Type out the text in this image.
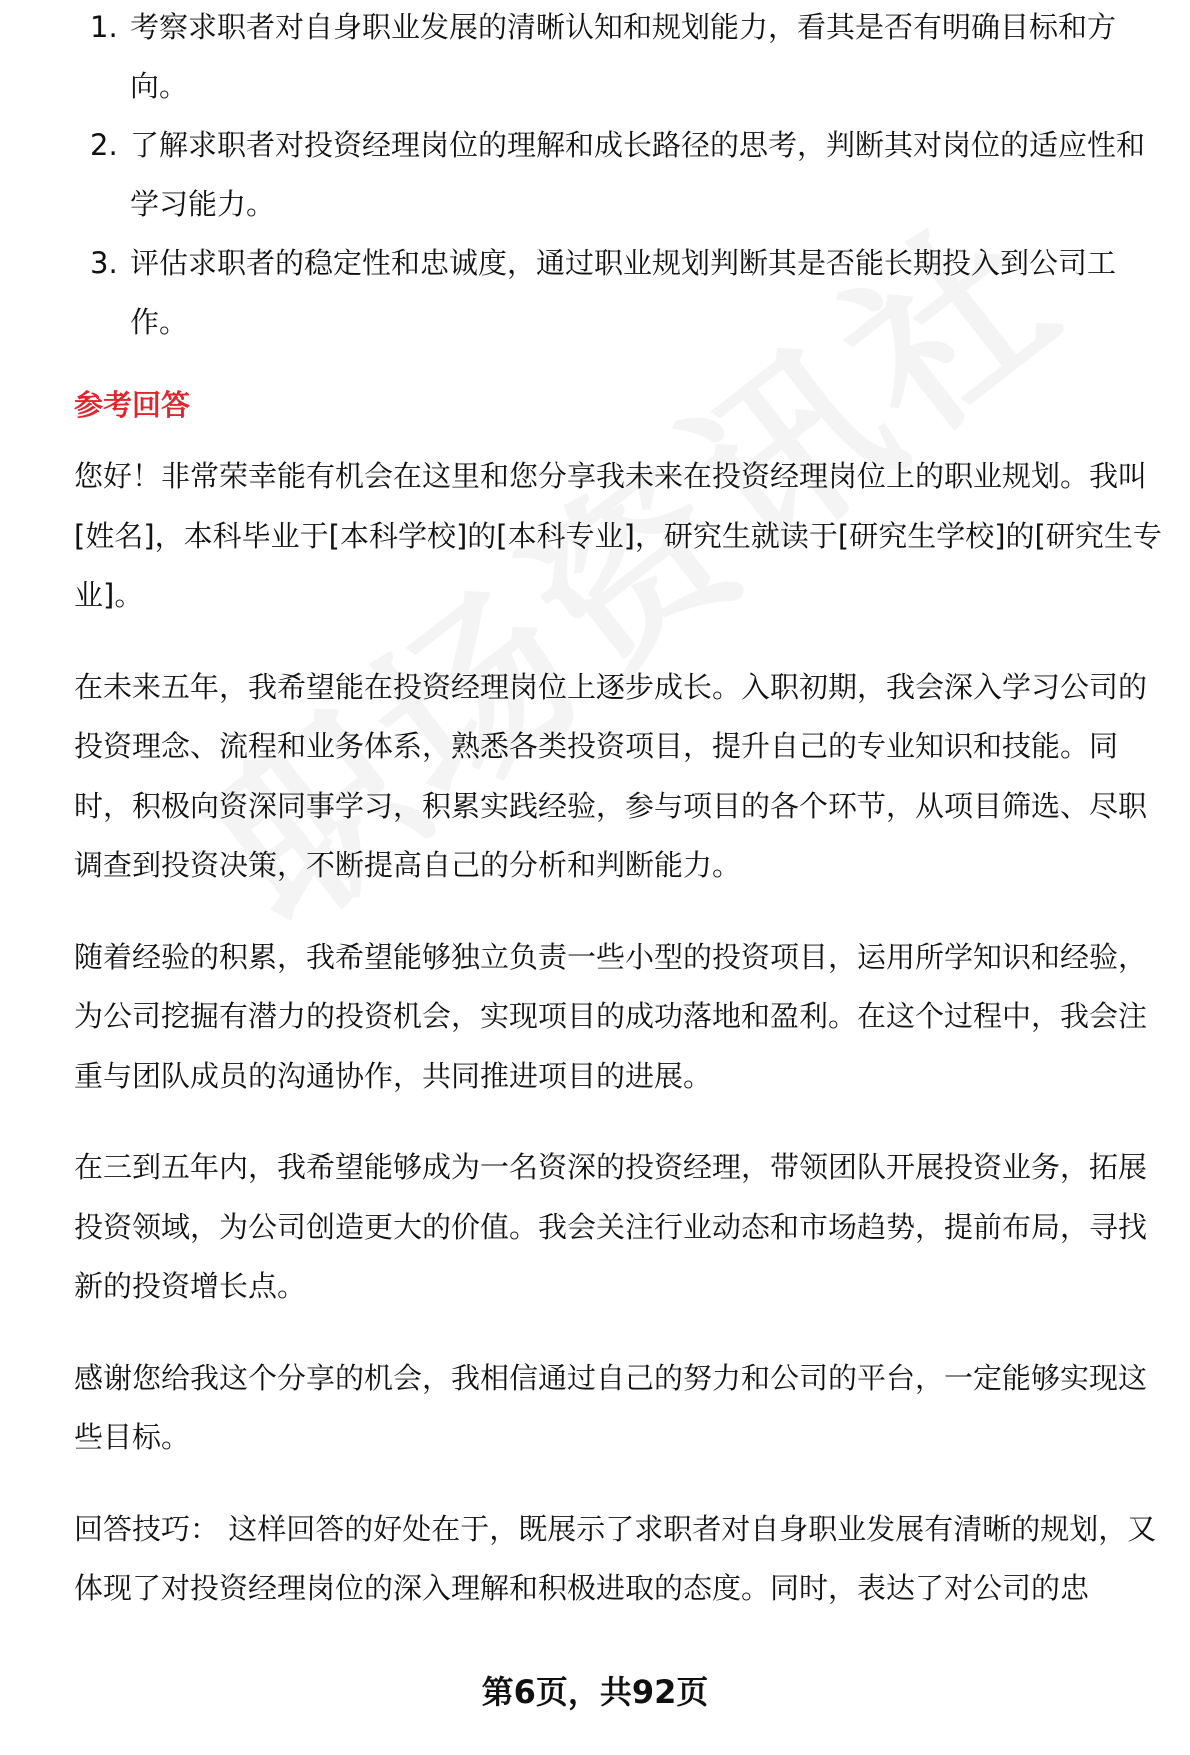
1. 考察求职者对自身职业发展的清晰认知和规划能力，看其是否有明确目标和方向。
2. 了解求职者对投资经理岗位的理解和成长路径的思考，判断其对岗位的适应性和学习能力。
3. 评估求职者的稳定性和忠诚度，通过职业规划判断其是否能长期投入到公司工作。
参考回答

您好！非常荣幸能有机会在这里和您分享我未来在投资经理岗位上的职业规划。我叫[姓名]，本科毕业于[本科学校]的[本科专业]，研究生就读于[研究生学校]的[研究生专业]。

在未来五年，我希望能在投资经理岗位上逐步成长。入职初期，我会深入学习公司的投资理念、流程和业务体系，熟悉各类投资项目，提升自己的专业知识和技能。同时，积极向资深同事学习，积累实践经验，参与项目的各个环节，从项目筛选、尽职调查到投资决策，不断提高自己的分析和判断能力。

随着经验的积累，我希望能够独立负责一些小型的投资项目，运用所学知识和经验，为公司挖掘有潜力的投资机会，实现项目的成功落地和盈利。在这个过程中，我会注重与团队成员的沟通协作，共同推进项目的进展。

在三到五年内，我希望能够成为一名资深的投资经理，带领团队开展投资业务，拓展投资领域，为公司创造更大的价值。我会关注行业动态和市场趋势，提前布局，寻找新的投资增长点。

感谢您给我这个分享的机会，我相信通过自己的努力和公司的平台，一定能够实现这些目标。

回答技巧： 这样回答的好处在于，既展示了求职者对自身职业发展有清晰的规划，又体现了对投资经理岗位的深入理解和积极进取的态度。同时，表达了对公司的忠

第6页，共92页
